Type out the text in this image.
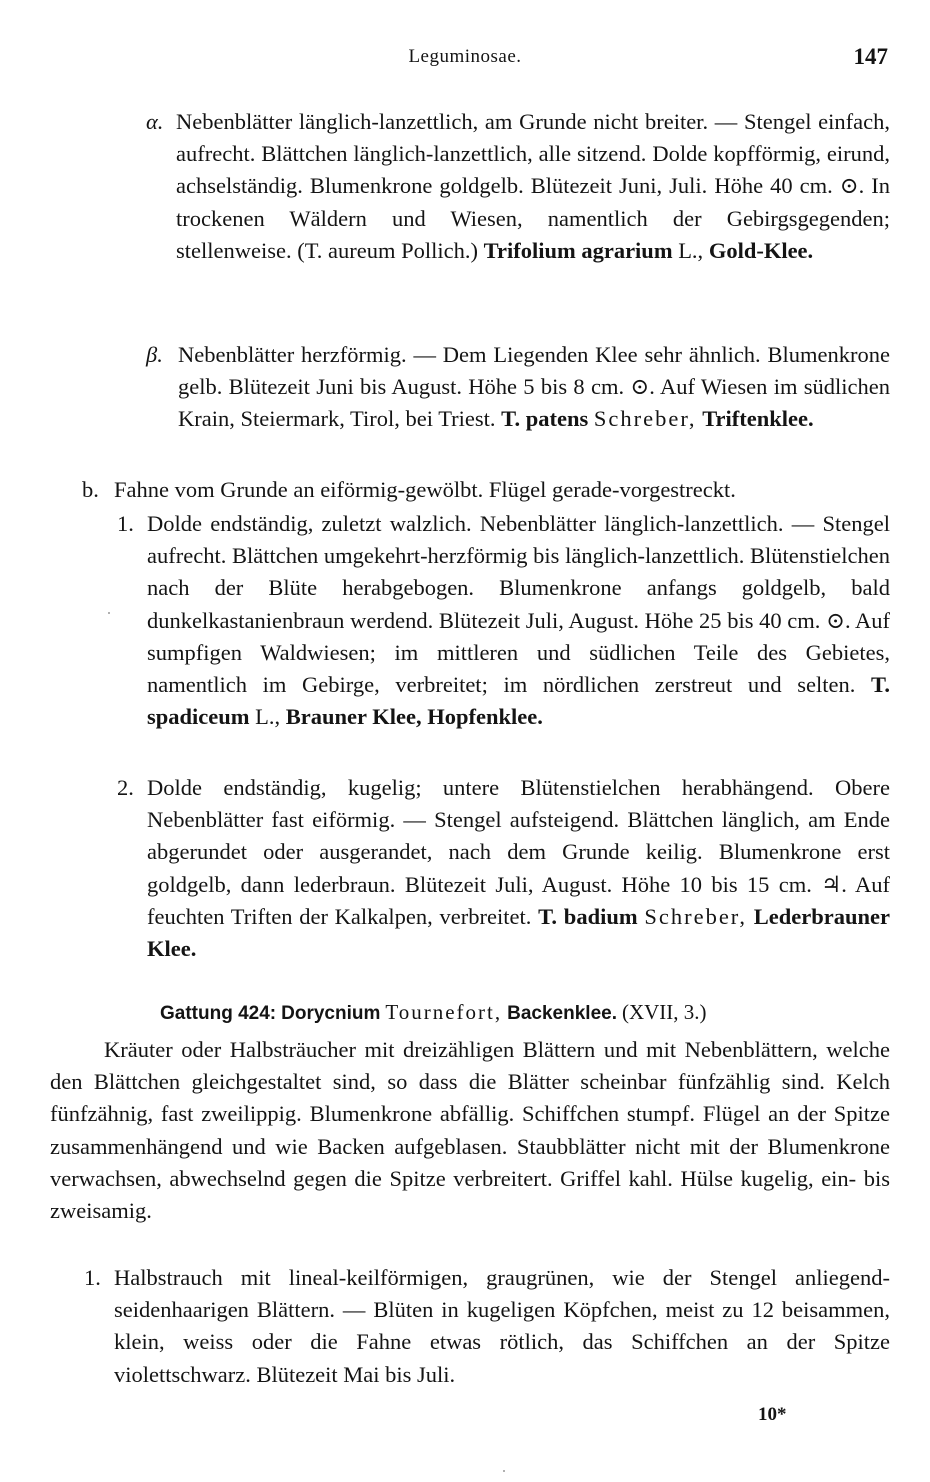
Leguminosae.	147

α. Nebenblätter länglich-lanzettlich, am Grunde nicht breiter. — Stengel einfach, aufrecht. Blättchen länglich-lanzettlich, alle sitzend. Dolde kopfförmig, eirund, achselständig. Blumenkrone goldgelb. Blütezeit Juni, Juli. Höhe 40 cm. ⊙. In trockenen Wäldern und Wiesen, namentlich der Gebirgsgegenden; stellenweise. (T. aureum Pollich.) Trifolium agrarium L., Gold-Klee.

β. Nebenblätter herzförmig. — Dem Liegenden Klee sehr ähnlich. Blumenkrone gelb. Blütezeit Juni bis August. Höhe 5 bis 8 cm. ⊙. Auf Wiesen im südlichen Krain, Steiermark, Tirol, bei Triest. T. patens Schreber, Triftenklee.

b. Fahne vom Grunde an eiförmig-gewölbt. Flügel gerade-vorgestreckt.

1. Dolde endständig, zuletzt walzlich. Nebenblätter länglich-lanzettlich. — Stengel aufrecht. Blättchen umgekehrt-herzförmig bis länglich-lanzettlich. Blütenstielchen nach der Blüte herabgebogen. Blumenkrone anfangs goldgelb, bald dunkelkastanienbraun werdend. Blütezeit Juli, August. Höhe 25 bis 40 cm. ⊙. Auf sumpfigen Waldwiesen; im mittleren und südlichen Teile des Gebietes, namentlich im Gebirge, verbreitet; im nördlichen zerstreut und selten. T. spadiceum L., Brauner Klee, Hopfenklee.

2. Dolde endständig, kugelig; untere Blütenstielchen herabhängend. Obere Nebenblätter fast eiförmig. — Stengel aufsteigend. Blättchen länglich, am Ende abgerundet oder ausgerandet, nach dem Grunde keilig. Blumenkrone erst goldgelb, dann lederbraun. Blütezeit Juli, August. Höhe 10 bis 15 cm. ♃. Auf feuchten Triften der Kalkalpen, verbreitet. T. badium Schreber, Lederbrauner Klee.

Gattung 424: Dorycnium Tournefort, Backenklee. (XVII, 3.)

Kräuter oder Halbsträucher mit dreizähligen Blättern und mit Nebenblättern, welche den Blättchen gleichgestaltet sind, so dass die Blätter scheinbar fünfzählig sind. Kelch fünfzähnig, fast zweilippig. Blumenkrone abfällig. Schiffchen stumpf. Flügel an der Spitze zusammenhängend und wie Backen aufgeblasen. Staubblätter nicht mit der Blumenkrone verwachsen, abwechselnd gegen die Spitze verbreitert. Griffel kahl. Hülse kugelig, ein- bis zweisamig.

1. Halbstrauch mit lineal-keilförmigen, graugrünen, wie der Stengel anliegend-seidenhaarigen Blättern. — Blüten in kugeligen Köpfchen, meist zu 12 beisammen, klein, weiss oder die Fahne etwas rötlich, das Schiffchen an der Spitze violettschwarz. Blütezeit Mai bis Juli.

10*
